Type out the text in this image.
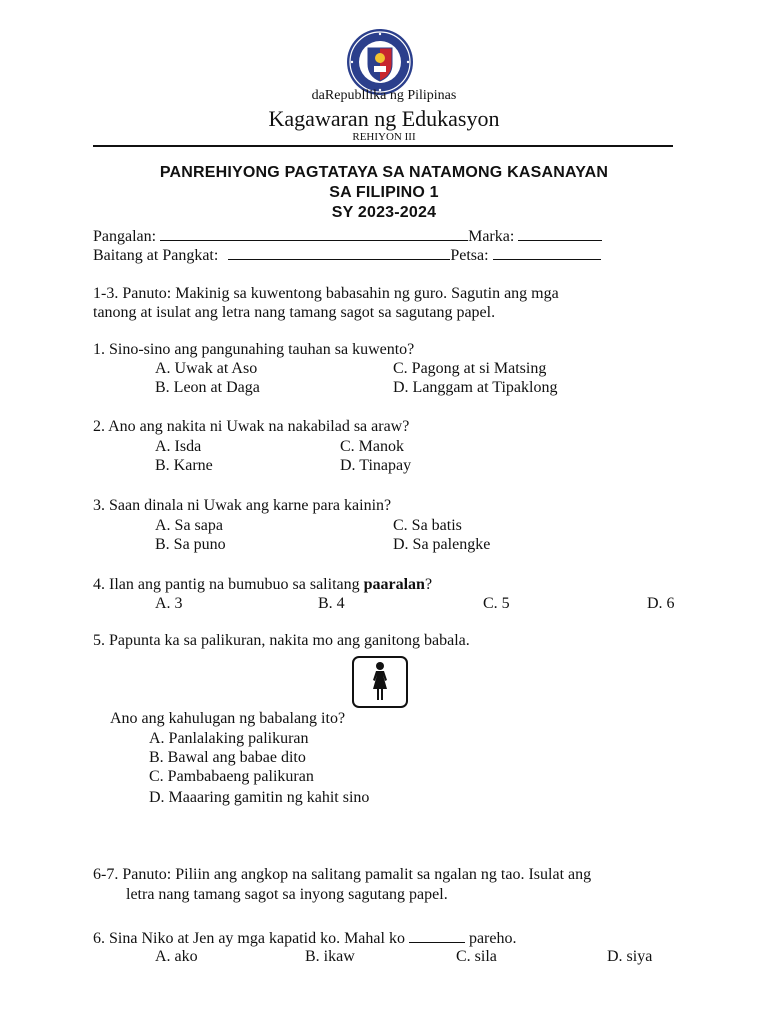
daRepubllika ng Pilipinas
Kagawaran ng Edukasyon
REHIYON III
PANREHIYONG PAGTATAYA SA NATAMONG KASANAYAN
SA FILIPINO 1
SY 2023-2024
Pangalan:	Marka:
Baitang at Pangkat:	Petsa:
1-3. Panuto: Makinig sa kuwentong babasahin ng guro. Sagutin ang mga
tanong at isulat ang letra nang tamang sagot sa sagutang papel.
1. Sino-sino ang pangunahing tauhan sa kuwento?
A. Uwak at Aso	C. Pagong at si Matsing
B. Leon at Daga	D. Langgam at Tipaklong
2. Ano ang nakita ni Uwak na nakabilad sa araw?
A. Isda	C. Manok
B. Karne	D. Tinapay
3. Saan dinala ni Uwak ang karne para kainin?
A. Sa sapa	C. Sa batis
B. Sa puno	D. Sa palengke
4. Ilan ang pantig na bumubuo sa salitang paaralan?
A. 3	B. 4	C. 5	D. 6
5. Papunta ka sa palikuran, nakita mo ang ganitong babala.
Ano ang kahulugan ng babalang ito?
A. Panlalaking palikuran
B. Bawal ang babae dito
C. Pambabaeng palikuran
D. Maaaring gamitin ng kahit sino
6-7. Panuto: Piliin ang angkop na salitang pamalit sa ngalan ng tao. Isulat ang
letra nang tamang sagot sa inyong sagutang papel.
6. Sina Niko at Jen ay mga kapatid ko. Mahal ko	pareho.
A. ako	B. ikaw	C. sila	D. siya
